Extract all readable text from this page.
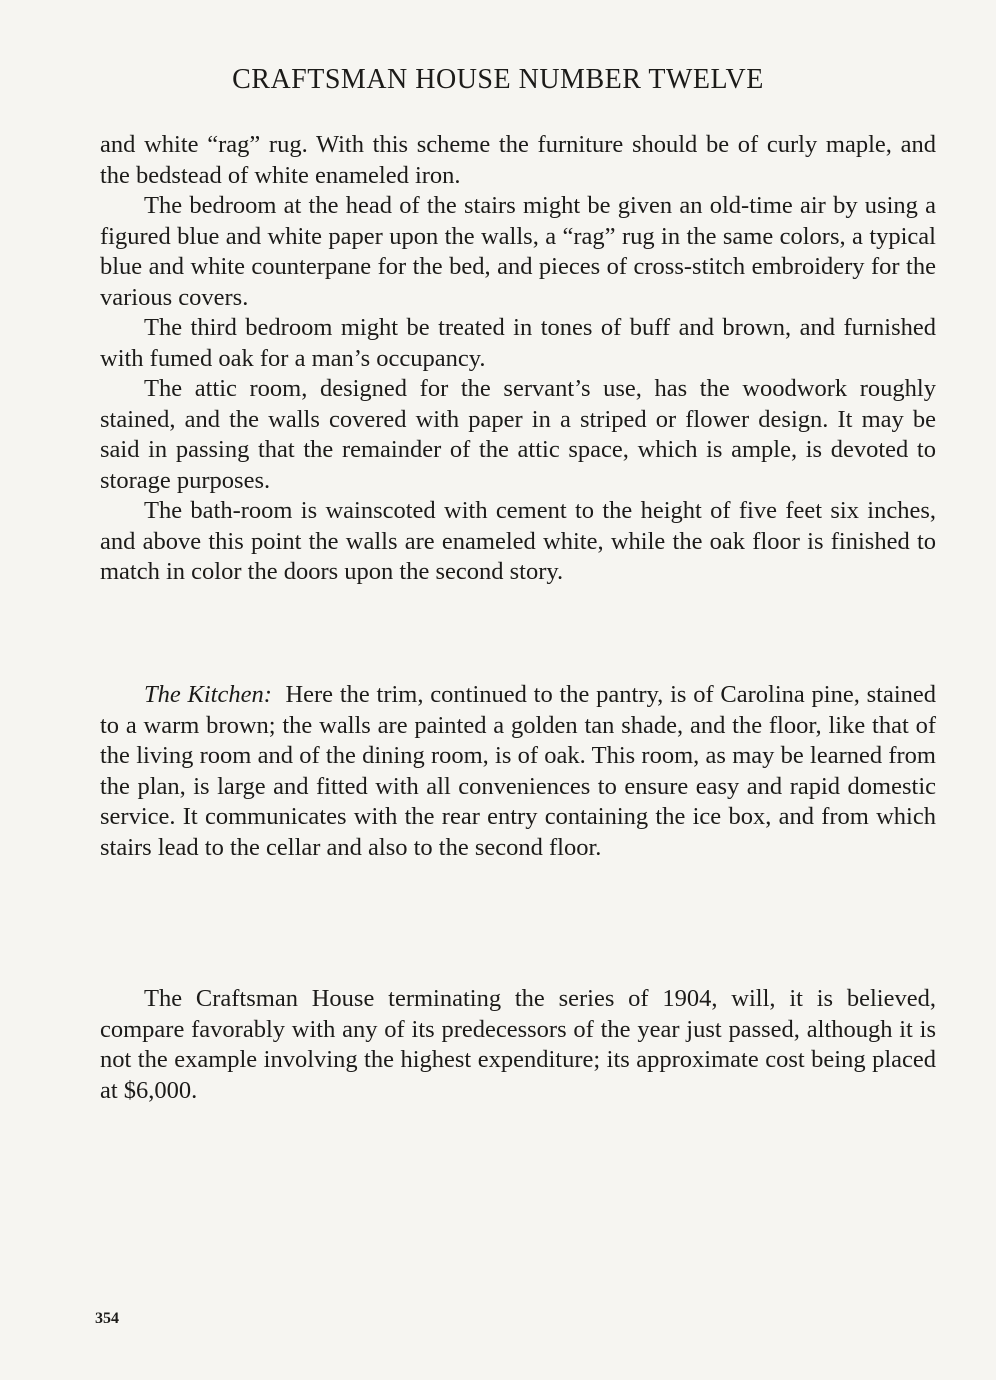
CRAFTSMAN HOUSE NUMBER TWELVE

and white “rag” rug. With this scheme the furniture should be of curly maple, and the bedstead of white enameled iron.

The bedroom at the head of the stairs might be given an old-time air by using a figured blue and white paper upon the walls, a “rag” rug in the same colors, a typical blue and white counterpane for the bed, and pieces of cross-stitch embroidery for the various covers.

The third bedroom might be treated in tones of buff and brown, and furnished with fumed oak for a man’s occupancy.

The attic room, designed for the servant’s use, has the woodwork roughly stained, and the walls covered with paper in a striped or flower design. It may be said in passing that the remainder of the attic space, which is ample, is devoted to storage purposes.

The bath-room is wainscoted with cement to the height of five feet six inches, and above this point the walls are enameled white, while the oak floor is finished to match in color the doors upon the second story.

The Kitchen: Here the trim, continued to the pantry, is of Carolina pine, stained to a warm brown; the walls are painted a golden tan shade, and the floor, like that of the living room and of the dining room, is of oak. This room, as may be learned from the plan, is large and fitted with all conveniences to ensure easy and rapid domestic service. It communicates with the rear entry containing the ice box, and from which stairs lead to the cellar and also to the second floor.

The Craftsman House terminating the series of 1904, will, it is believed, compare favorably with any of its predecessors of the year just passed, although it is not the example involving the highest expenditure; its approximate cost being placed at $6,000.

354
